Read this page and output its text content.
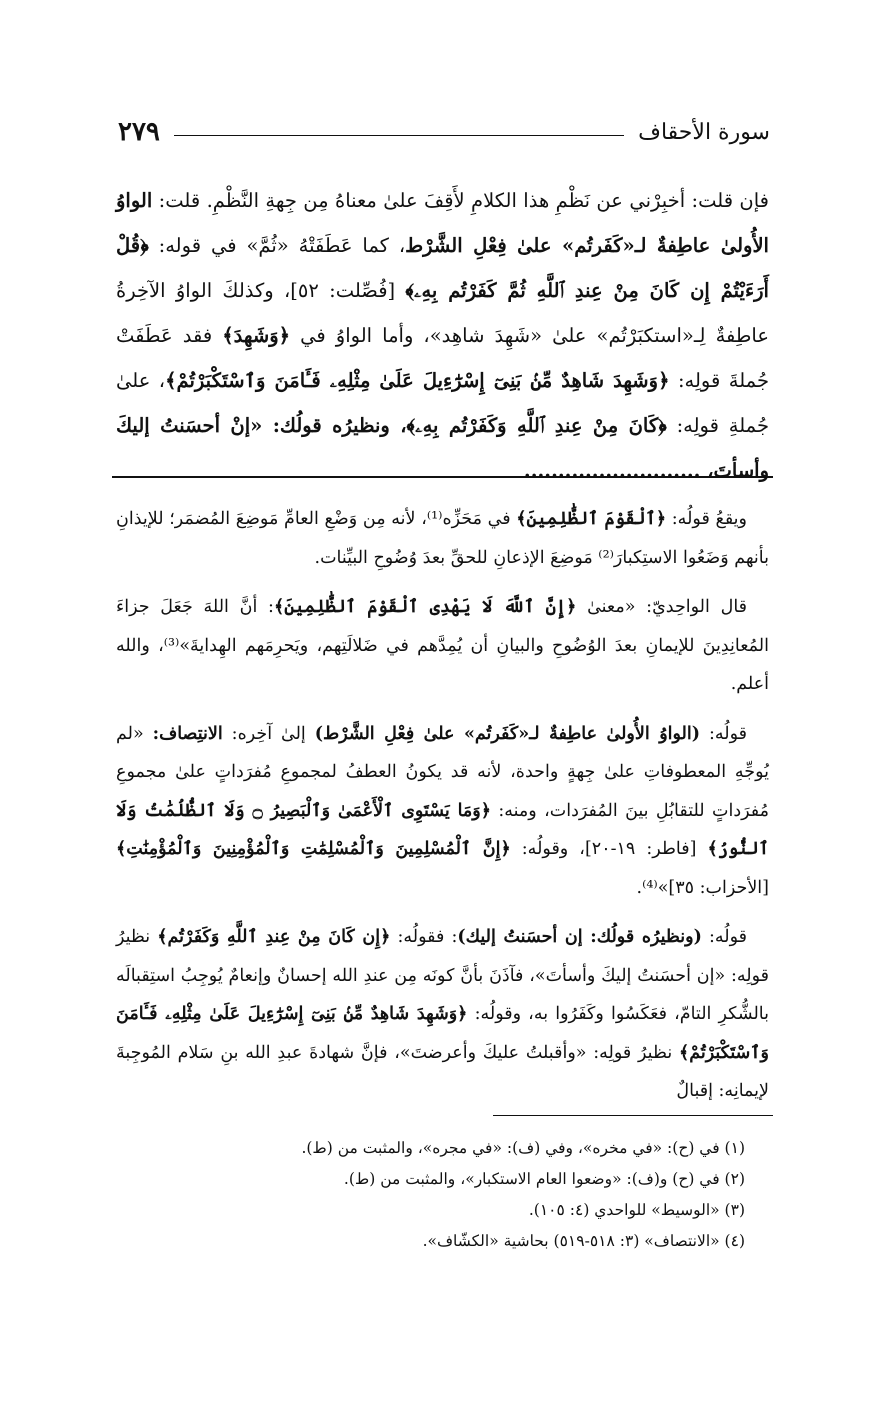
سورة الأحقاف
٢٧٩
فإن قلت: أخبِرْني عن نَظْمِ هذا الكلامِ لأَقِفَ علىٰ معناهُ مِن جِهةِ النَّظْمِ. قلت: الواوُ الأُولىٰ عاطِفةٌ لـ«كَفَرتُم» علىٰ فِعْلِ الشَّرْط، كما عَطَفَتْهُ «ثُمَّ» في قوله: ﴿قُلْ أَرَءَيْتُمْ إِن كَانَ مِنْ عِندِ ٱللَّهِ ثُمَّ كَفَرْتُم بِهِۦ﴾ [فُصِّلت: ٥٢]، وكذلكَ الواوُ الآخِرةُ عاطِفةٌ لِـ«استكبَرْتُم» علىٰ «شَهِدَ شاهِد»، وأما الواوُ في ﴿وَشَهِدَ﴾ فقد عَطَفَتْ جُملةَ قولِه: ﴿وَشَهِدَ شَاهِدٌ مِّنۢ بَنِىٓ إِسْرَٰٓءِيلَ عَلَىٰ مِثْلِهِۦ فَـَٔامَنَ وَٱسْتَكْبَرْتُمْ﴾، علىٰ جُملةِ قولِه: ﴿كَانَ مِنْ عِندِ ٱللَّهِ وَكَفَرْتُم بِهِۦ﴾، ونظيرُه قولُك: «إنْ أحسَنتُ إليكَ وأسأتَ، ..........................

ويقعُ قولُه: ﴿ٱلْقَوْمَ ٱلظَّٰلِمِينَ﴾ في مَحَزِّه⁽¹⁾، لأنه مِن وَضْعِ العامِّ مَوضِعَ المُضمَر؛ للإيذانِ بأنهم وَضَعُوا الاستِكبارَ⁽²⁾ مَوضِعَ الإذعانِ للحقِّ بعدَ وُضُوحِ البيِّنات.

قال الواحِديّ: «معنىٰ ﴿إِنَّ ٱللَّهَ لَا يَهْدِى ٱلْقَوْمَ ٱلظَّٰلِمِينَ﴾: أنَّ اللهَ جَعَلَ جزاءَ المُعانِدِينَ للإيمانِ بعدَ الوُضُوحِ والبيانِ أن يُمِدَّهم في ضَلالَتِهم، ويَحرِمَهم الهِدايةَ»⁽³⁾، والله أعلم.

قولُه: (الواوُ الأُولىٰ عاطِفةٌ لـ«كَفَرتُم» علىٰ فِعْلِ الشَّرْط) إلىٰ آخِره: الانتِصاف: «لم يُوجِّهِ المعطوفاتِ علىٰ جِهةٍ واحدة، لأنه قد يكونُ العطفُ لمجموعِ مُفرَداتٍ علىٰ مجموعِ مُفرَداتٍ للتقابُلِ بينَ المُفرَدات، ومنه: ﴿وَمَا يَسْتَوِى ٱلْأَعْمَىٰ وَٱلْبَصِيرُ ۝ وَلَا ٱلظُّلُمَٰتُ وَلَا ٱلنُّورُ﴾ [فاطر: ١٩-٢٠]، وقولُه: ﴿إِنَّ ٱلْمُسْلِمِينَ وَٱلْمُسْلِمَٰتِ وَٱلْمُؤْمِنِينَ وَٱلْمُؤْمِنَٰتِ﴾ [الأحزاب: ٣٥]»⁽⁴⁾.

قولُه: (ونظيرُه قولُك: إن أحسَنتُ إليك): فقولُه: ﴿إِن كَانَ مِنْ عِندِ ٱللَّهِ وَكَفَرْتُم﴾ نظيرُ قولِه: «إن أحسَنتُ إليكَ وأسأتَ»، فآذَنَ بأنَّ كونَه مِن عندِ الله إحسانٌ وإنعامٌ يُوجِبُ استِقبالَه بالشُّكرِ التامّ، فعَكَسُوا وكَفَرُوا به، وقولُه: ﴿وَشَهِدَ شَاهِدٌ مِّنۢ بَنِىٓ إِسْرَٰٓءِيلَ عَلَىٰ مِثْلِهِۦ فَـَٔامَنَ وَٱسْتَكْبَرْتُمْ﴾ نظيرُ قولِه: «وأقبلتُ عليكَ وأعرضتَ»، فإنَّ شهادةَ عبدِ الله بنِ سَلام المُوجِبةَ لإيمانِه: إقبالٌ

(١) في (ح): «في مخره»، وفي (ف): «في مجره»، والمثبت من (ط).

(٢) في (ح) و(ف): «وضعوا العام الاستكبار»، والمثبت من (ط).

(٣) «الوسيط» للواحدي (٤: ١٠٥).

(٤) «الانتصاف» (٣: ٥١٨-٥١٩) بحاشية «الكشّاف».
